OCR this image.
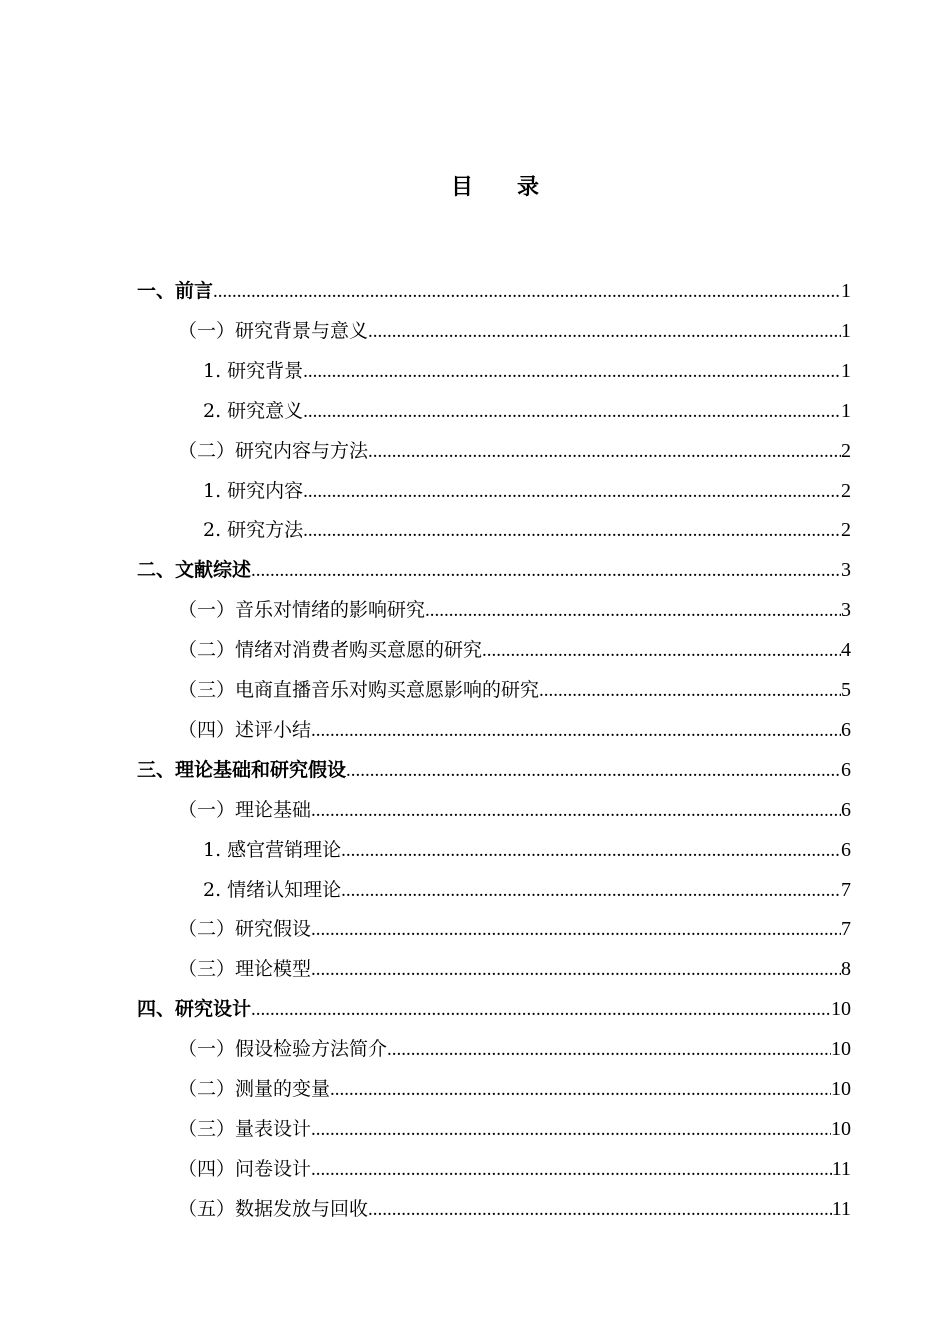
目 录
一、前言 .....	1
（一）研究背景与意义 .....	1
1. 研究背景 .....	1
2. 研究意义 .....	1
（二）研究内容与方法 .....	2
1. 研究内容 .....	2
2. 研究方法 .....	2
二、文献综述 .....	3
（一）音乐对情绪的影响研究 .....	3
（二）情绪对消费者购买意愿的研究 .....	4
（三）电商直播音乐对购买意愿影响的研究 .....	5
（四）述评小结 .....	6
三、理论基础和研究假设 .....	6
（一）理论基础 .....	6
1. 感官营销理论 .....	6
2. 情绪认知理论 .....	7
（二）研究假设 .....	7
（三）理论模型 .....	8
四、研究设计 .....	10
（一）假设检验方法简介 .....	10
（二）测量的变量 .....	10
（三）量表设计 .....	10
（四）问卷设计 .....	11
（五）数据发放与回收 .....	11
